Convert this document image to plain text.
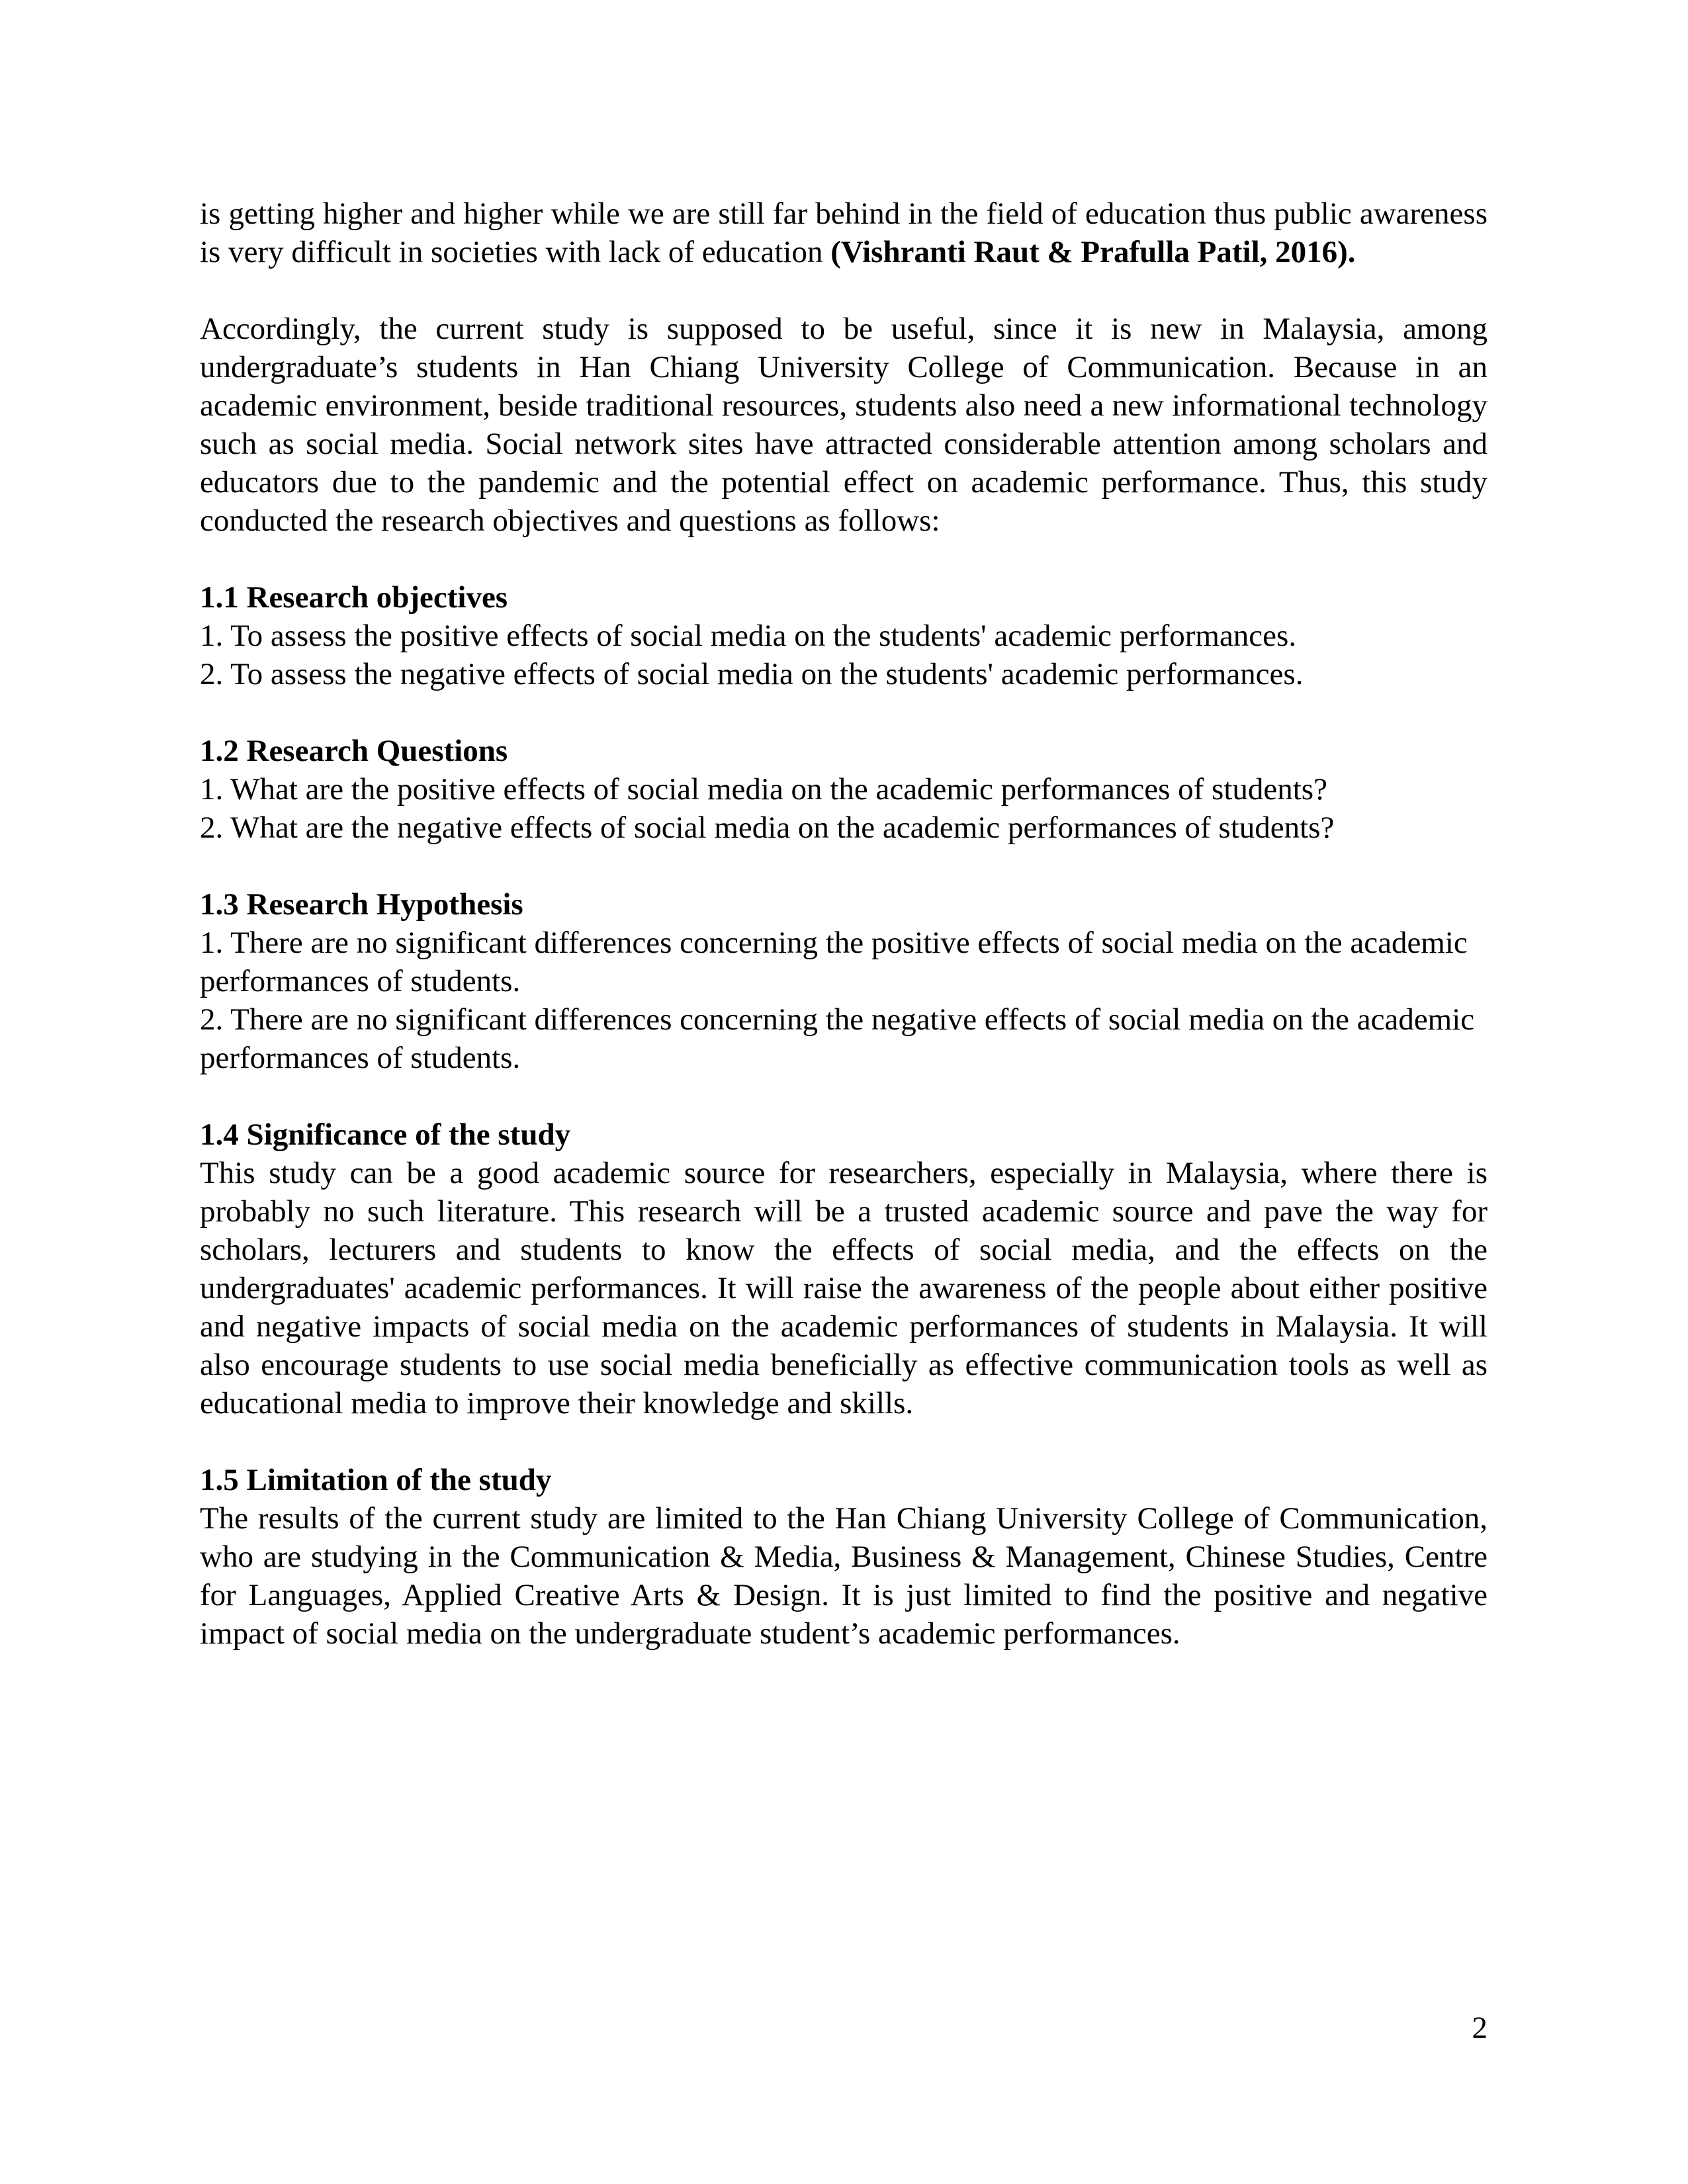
is getting higher and higher while we are still far behind in the field of education thus public awareness is very difficult in societies with lack of education (Vishranti Raut & Prafulla Patil, 2016).

Accordingly, the current study is supposed to be useful, since it is new in Malaysia, among undergraduate’s students in Han Chiang University College of Communication. Because in an academic environment, beside traditional resources, students also need a new informational technology such as social media. Social network sites have attracted considerable attention among scholars and educators due to the pandemic and the potential effect on academic performance. Thus, this study conducted the research objectives and questions as follows:

1.1 Research objectives

1. To assess the positive effects of social media on the students' academic performances.

2. To assess the negative effects of social media on the students' academic performances.

1.2 Research Questions

1. What are the positive effects of social media on the academic performances of students?

2. What are the negative effects of social media on the academic performances of students?

1.3 Research Hypothesis

1. There are no significant differences concerning the positive effects of social media on the academic performances of students.

2. There are no significant differences concerning the negative effects of social media on the academic performances of students.

1.4 Significance of the study

This study can be a good academic source for researchers, especially in Malaysia, where there is probably no such literature. This research will be a trusted academic source and pave the way for scholars, lecturers and students to know the effects of social media, and the effects on the undergraduates' academic performances. It will raise the awareness of the people about either positive and negative impacts of social media on the academic performances of students in Malaysia. It will also encourage students to use social media beneficially as effective communication tools as well as educational media to improve their knowledge and skills.

1.5 Limitation of the study

The results of the current study are limited to the Han Chiang University College of Communication, who are studying in the Communication & Media, Business & Management, Chinese Studies, Centre for Languages, Applied Creative Arts & Design. It is just limited to find the positive and negative impact of social media on the undergraduate student’s academic performances.

2
